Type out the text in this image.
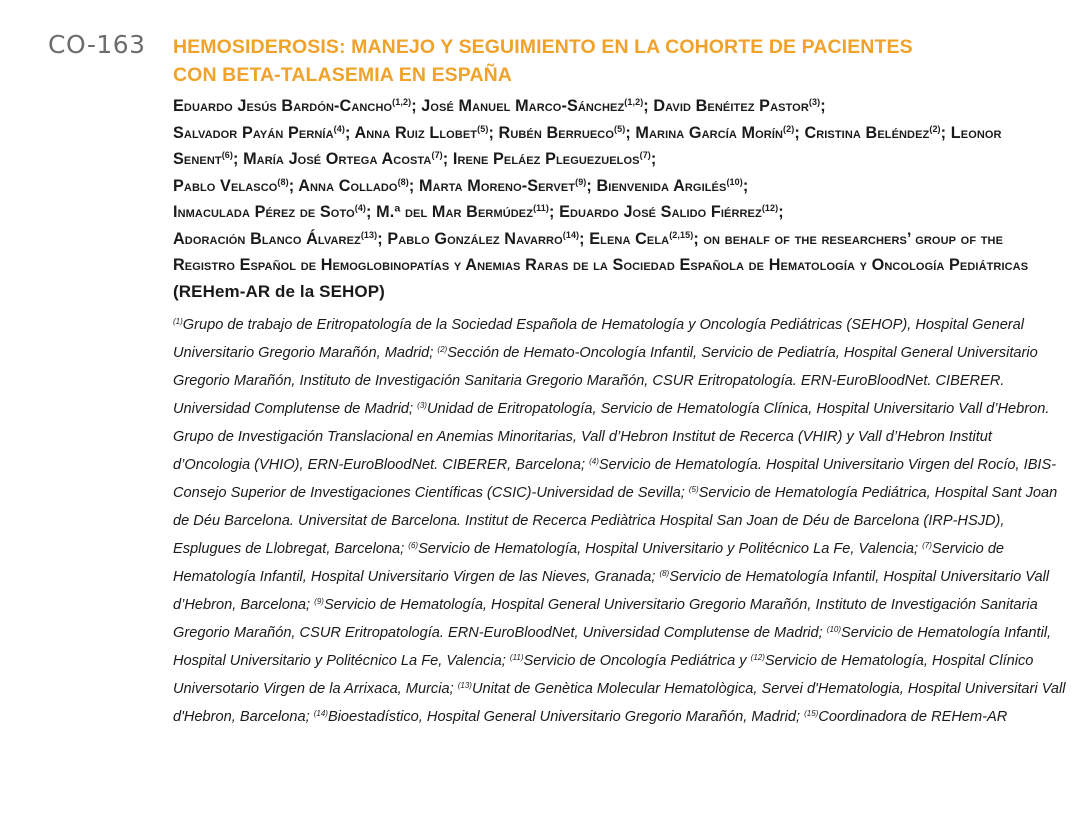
CO-163 HEMOSIDEROSIS: MANEJO Y SEGUIMIENTO EN LA COHORTE DE PACIENTES
CON BETA-TALASEMIA EN ESPAÑA
Eduardo Jesús Bardón-Cancho$^{(1,2)}$; José Manuel Marco-Sánchez$^{(1,2)}$; David Benéitez Pastor$^{(3)}$;
Salvador Payán Pernía$^{(4)}$; Anna Ruiz Llobet$^{(5)}$; Rubén Berrueco$^{(5)}$; Marina García Morín$^{(2)}$; Cristina Beléndez$^{(2)}$; Leonor Senent$^{(6)}$; María José Ortega Acosta$^{(7)}$; Irene Peláez Pleguezuelos$^{(7)}$;
Pablo Velasco$^{(8)}$; Anna Collado$^{(8)}$; Marta Moreno-Servet$^{(9)}$; Bienvenida Argilés$^{(10)}$;
Inmaculada Pérez de Soto$^{(4)}$; M.ª del Mar Bermúdez$^{(11)}$; Eduardo José Salido Fiérrez$^{(12)}$;
Adoración Blanco Álvarez$^{(13)}$; Pablo González Navarro$^{(14)}$; Elena Cela$^{(2,15)}$; on behalf of the researchers’ group of the Registro Español de Hemoglobinopatías y Anemias Raras de la Sociedad Española de Hematología y Oncología Pediátricas (REHem-AR de la SEHOP)
$^{(1)}$Grupo de trabajo de Eritropatología de la Sociedad Española de Hematología y Oncología Pediátricas (SEHOP), Hospital General Universitario Gregorio Marañón, Madrid; $^{(2)}$Sección de Hemato-Oncología Infantil, Servicio de Pediatría, Hospital General Universitario Gregorio Marañón, Instituto de Investigación Sanitaria Gregorio Marañón, CSUR Eritropatología. ERN-EuroBloodNet. CIBERER. Universidad Complutense de Madrid; $^{(3)}$Unidad de Eritropatología, Servicio de Hematología Clínica, Hospital Universitario Vall d’Hebron. Grupo de Investigación Translacional en Anemias Minoritarias, Vall d’Hebron Institut de Recerca (VHIR) y Vall d’Hebron Institut d’Oncologia (VHIO), ERN-EuroBloodNet. CIBERER, Barcelona; $^{(4)}$Servicio de Hematología. Hospital Universitario Virgen del Rocío, IBIS-Consejo Superior de Investigaciones Científicas (CSIC)-Universidad de Sevilla; $^{(5)}$Servicio de Hematología Pediátrica, Hospital Sant Joan de Déu Barcelona. Universitat de Barcelona. Institut de Recerca Pediàtrica Hospital San Joan de Déu de Barcelona (IRP-HSJD), Esplugues de Llobregat, Barcelona; $^{(6)}$Servicio de Hematología, Hospital Universitario y Politécnico La Fe, Valencia; $^{(7)}$Servicio de Hematología Infantil, Hospital Universitario Virgen de las Nieves, Granada; $^{(8)}$Servicio de Hematología Infantil, Hospital Universitario Vall d’Hebron, Barcelona; $^{(9)}$Servicio de Hematología, Hospital General Universitario Gregorio Marañón, Instituto de Investigación Sanitaria Gregorio Marañón, CSUR Eritropatología. ERN-EuroBloodNet, Universidad Complutense de Madrid; $^{(10)}$Servicio de Hematología Infantil, Hospital Universitario y Politécnico La Fe, Valencia; $^{(11)}$Servicio de Oncología Pediátrica y $^{(12)}$Servicio de Hematología, Hospital Clínico Universotario Virgen de la Arrixaca, Murcia; $^{(13)}$Unitat de Genètica Molecular Hematològica, Servei d'Hematologia, Hospital Universitari Vall d'Hebron, Barcelona; $^{(14)}$Bioestadístico, Hospital General Universitario Gregorio Marañón, Madrid; $^{(15)}$Coordinadora de REHem-AR
